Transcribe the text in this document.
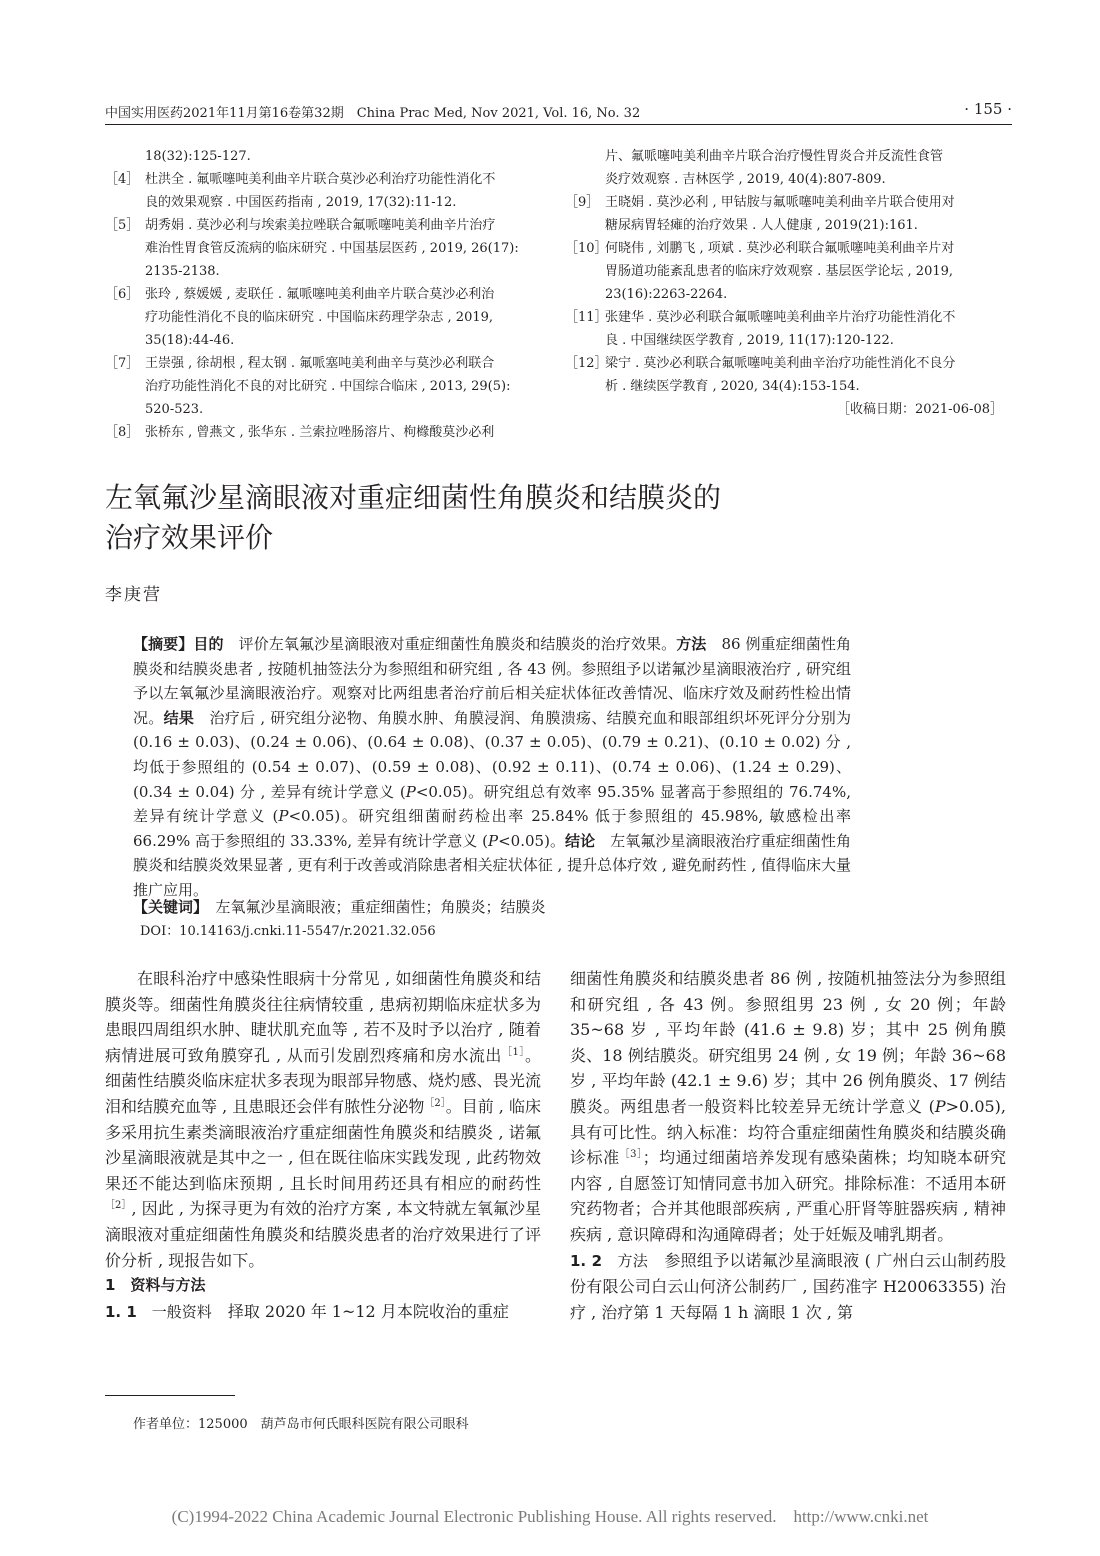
中国实用医药2021年11月第16卷第32期　China Prac Med, Nov 2021, Vol. 16, No. 32	· 155 ·
18(32):125-127.
［4］ 杜洪全 . 氟哌噻吨美利曲辛片联合莫沙必利治疗功能性消化不
良的效果观察 . 中国医药指南 , 2019, 17(32):11-12.
［5］ 胡秀娟 . 莫沙必利与埃索美拉唑联合氟哌噻吨美利曲辛片治疗
难治性胃食管反流病的临床研究 . 中国基层医药 , 2019, 26(17):
2135-2138.
［6］ 张玲 , 蔡媛媛 , 麦联任 . 氟哌噻吨美利曲辛片联合莫沙必利治
疗功能性消化不良的临床研究 . 中国临床药理学杂志 , 2019,
35(18):44-46.
［7］ 王崇强 , 徐胡根 , 程太钢 . 氟哌塞吨美利曲辛与莫沙必利联合
治疗功能性消化不良的对比研究 . 中国综合临床 , 2013, 29(5):
520-523.
［8］ 张桥东 , 曾燕文 , 张华东 . 兰索拉唑肠溶片、枸橼酸莫沙必利
片、氟哌噻吨美利曲辛片联合治疗慢性胃炎合并反流性食管
炎疗效观察 . 吉林医学 , 2019, 40(4):807-809.
［9］ 王晓娟 . 莫沙必利 , 甲钴胺与氟哌噻吨美利曲辛片联合使用对
糖尿病胃轻瘫的治疗效果 . 人人健康 , 2019(21):161.
［10］
何晓伟 , 刘鹏飞 , 项斌 . 莫沙必利联合氟哌噻吨美利曲辛片对
胃肠道功能紊乱患者的临床疗效观察 . 基层医学论坛 , 2019,
23(16):2263-2264.
［11］
张建华 . 莫沙必利联合氟哌噻吨美利曲辛片治疗功能性消化不
良 . 中国继续医学教育 , 2019, 11(17):120-122.
［12］
梁宁 . 莫沙必利联合氟哌噻吨美利曲辛治疗功能性消化不良分
析 . 继续医学教育 , 2020, 34(4):153-154.
［收稿日期：2021-06-08］
左氧氟沙星滴眼液对重症细菌性角膜炎和结膜炎的
治疗效果评价
李庚营
【摘要】目的　评价左氧氟沙星滴眼液对重症细菌性角膜炎和结膜炎的治疗效果。方法　86 例重症细菌性角膜炎和结膜炎患者 , 按随机抽签法分为参照组和研究组 , 各 43 例。参照组予以诺氟沙星滴眼液治疗 , 研究组予以左氧氟沙星滴眼液治疗。观察对比两组患者治疗前后相关症状体征改善情况、临床疗效及耐药性检出情况。结果　治疗后 , 研究组分泌物、角膜水肿、角膜浸润、角膜溃疡、结膜充血和眼部组织坏死评分分别为 (0.16 ± 0.03)、(0.24 ± 0.06)、(0.64 ± 0.08)、(0.37 ± 0.05)、(0.79 ± 0.21)、(0.10 ± 0.02) 分 , 均低于参照组的 (0.54 ± 0.07)、(0.59 ± 0.08)、(0.92 ± 0.11)、(0.74 ± 0.06)、(1.24 ± 0.29)、(0.34 ± 0.04) 分 , 差异有统计学意义 (P<0.05)。研究组总有效率 95.35% 显著高于参照组的 76.74%, 差异有统计学意义 (P<0.05)。研究组细菌耐药检出率 25.84% 低于参照组的 45.98%, 敏感检出率 66.29% 高于参照组的 33.33%, 差异有统计学意义 (P<0.05)。结论　左氧氟沙星滴眼液治疗重症细菌性角膜炎和结膜炎效果显著 , 更有利于改善或消除患者相关症状体征 , 提升总体疗效 , 避免耐药性 , 值得临床大量推广应用。
【关键词】　左氧氟沙星滴眼液；重症细菌性；角膜炎；结膜炎
DOI：10.14163/j.cnki.11-5547/r.2021.32.056

在眼科治疗中感染性眼病十分常见 , 如细菌性角膜炎和结膜炎等。细菌性角膜炎往往病情较重 , 患病初期临床症状多为患眼四周组织水肿、睫状肌充血等 , 若不及时予以治疗 , 随着病情进展可致角膜穿孔 , 从而引发剧烈疼痛和房水流出$^{[1]}$。细菌性结膜炎临床症状多表现为眼部异物感、烧灼感、畏光流泪和结膜充血等 , 且患眼还会伴有脓性分泌物$^{[2]}$。目前 , 临床多采用抗生素类滴眼液治疗重症细菌性角膜炎和结膜炎 , 诺氟沙星滴眼液就是其中之一 , 但在既往临床实践发现 , 此药物效果还不能达到临床预期 , 且长时间用药还具有相应的耐药性$^{[2]}$, 因此 , 为探寻更为有效的治疗方案 , 本文特就左氧氟沙星滴眼液对重症细菌性角膜炎和结膜炎患者的治疗效果进行了评价分析 , 现报告如下。

1　资料与方法

1. 1　一般资料　择取 2020 年 1~12 月本院收治的重症

细菌性角膜炎和结膜炎患者 86 例 , 按随机抽签法分为参照组和研究组 , 各 43 例。参照组男 23 例 , 女 20 例；年龄 35~68 岁 , 平均年龄 (41.6 ± 9.8) 岁；其中 25 例角膜炎、18 例结膜炎。研究组男 24 例 , 女 19 例；年龄 36~68 岁 , 平均年龄 (42.1 ± 9.6) 岁；其中 26 例角膜炎、17 例结膜炎。两组患者一般资料比较差异无统计学意义 (P>0.05), 具有可比性。纳入标准：均符合重症细菌性角膜炎和结膜炎确诊标准$^{[3]}$；均通过细菌培养发现有感染菌株；均知晓本研究内容 , 自愿签订知情同意书加入研究。排除标准：不适用本研究药物者；合并其他眼部疾病 , 严重心肝肾等脏器疾病 , 精神疾病 , 意识障碍和沟通障碍者；处于妊娠及哺乳期者。

1. 2　方法　参照组予以诺氟沙星滴眼液 ( 广州白云山制药股份有限公司白云山何济公制药厂 , 国药准字 H20063355) 治疗 , 治疗第 1 天每隔 1 h 滴眼 1 次 , 第

作者单位：125000　葫芦岛市何氏眼科医院有限公司眼科
(C)1994-2022 China Academic Journal Electronic Publishing House. All rights reserved.　http://www.cnki.net
